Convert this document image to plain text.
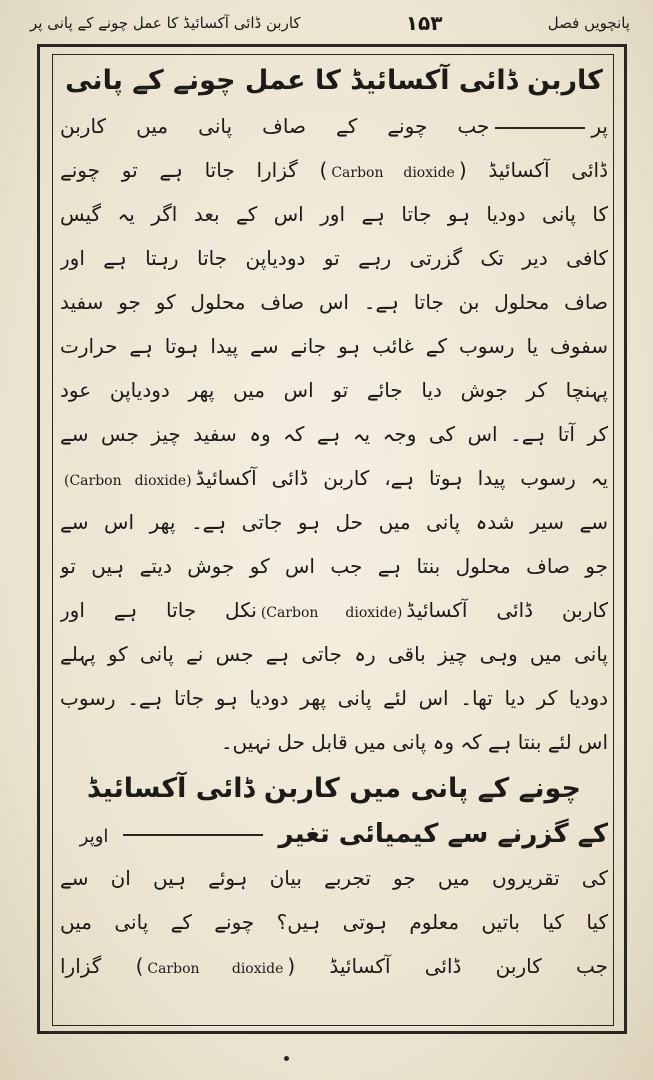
پانچویں فصل
۱۵۳
کاربن ڈائی آکسائیڈ کا عمل چونے کے پانی پر

کاربن ڈائی آکسائیڈ کا عمل چونے کے پانی

پرجب چونے کے صاف پانی میں کاربن
ڈائی آکسائیڈ (Carbon dioxide) گزارا جاتا ہے تو چونے
کا پانی دودیا ہو جاتا ہے اور اس کے بعد اگر یہ گیس
کافی دیر تک گزرتی رہے تو دودیاپن جاتا رہتا ہے اور
صاف محلول بن جاتا ہے۔ اس صاف محلول کو جو سفید
سفوف یا رسوب کے غائب ہو جانے سے پیدا ہوتا ہے حرارت
پہنچا کر جوش دیا جائے تو اس میں پھر دودیاپن عود
کر آتا ہے۔ اس کی وجہ یہ ہے کہ وہ سفید چیز جس سے
یہ رسوب پیدا ہوتا ہے، کاربن ڈائی آکسائیڈ(Carbon dioxide)
سے سیر شدہ پانی میں حل ہو جاتی ہے۔ پھر اس سے
جو صاف محلول بنتا ہے جب اس کو جوش دیتے ہیں تو
کاربن ڈائی آکسائیڈ(Carbon dioxide)نکل جاتا ہے اور
پانی میں وہی چیز باقی رہ جاتی ہے جس نے پانی کو پہلے
دودیا کر دیا تھا۔ اس لئے پانی پھر دودیا ہو جاتا ہے۔ رسوب
اس لئے بنتا ہے کہ وہ پانی میں قابل حل نہیں۔

چونے کے پانی میں کاربن ڈائی آکسائیڈ

کے گزرنے سے کیمیائی تغیر  اوپر
کی تقریروں میں جو تجربے بیان ہوئے ہیں ان سے
کیا کیا باتیں معلوم ہوتی ہیں؟ چونے کے پانی میں
جب کاربن ڈائی آکسائیڈ (Carbon dioxide) گزارا
